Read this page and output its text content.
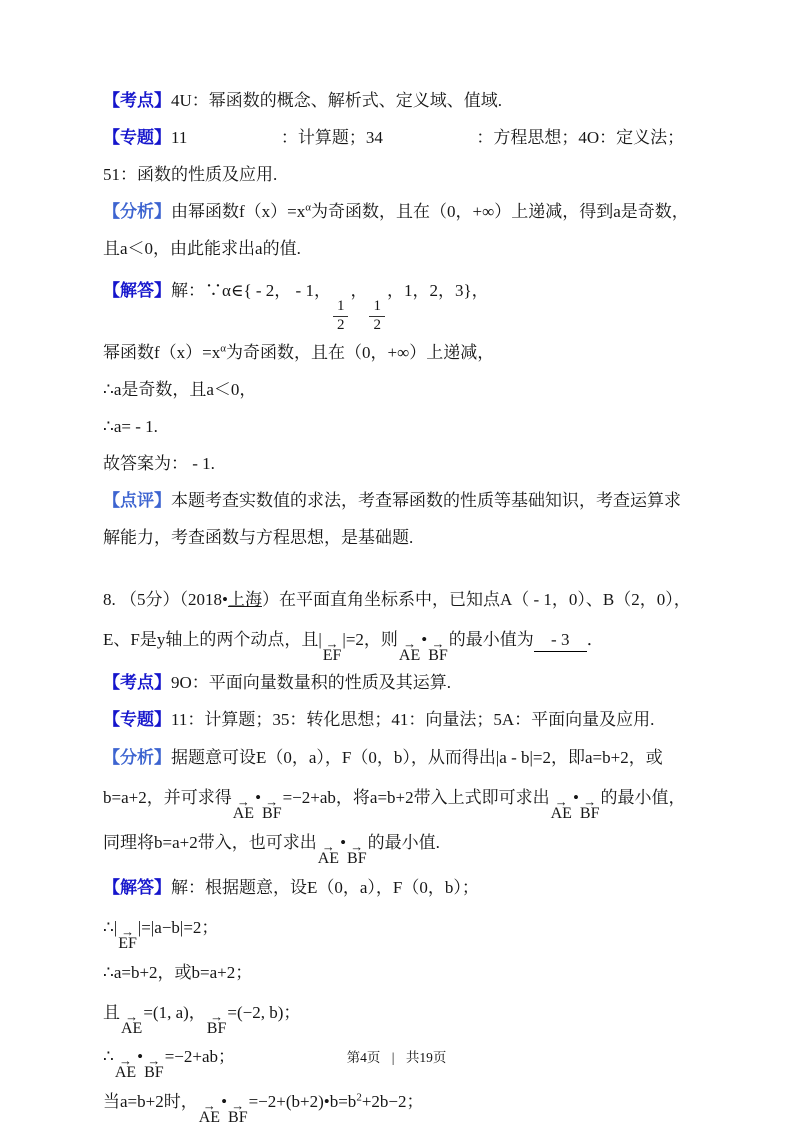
【考点】4U：幂函数的概念、解析式、定义域、值域.
【专题】11                      ：计算题；34                      ：方程思想；4O：定义法；51：函数的性质及应用.
【分析】由幂函数$f(x)=x^\alpha$为奇函数，且在（0，+∞）上递减，得到a是奇数，且a＜0，由此能求出a的值.
【解答】解：∵α∈{ - 2， - 1，
$\frac{1}{2}$
，
$\frac{1}{2}$
，1，2，3}，
幂函数$f(x)=x^\alpha$为奇函数，且在（0，+∞）上递减，
∴a是奇数，且a＜0，
∴a= - 1.
故答案为： - 1.
【点评】本题考查实数值的求法，考查幂函数的性质等基础知识，考查运算求解能力，考查函数与方程思想，是基础题.
8. （5分）（2018•上海）在平面直角坐标系中，已知点A（ - 1，0）、B（2，0），E、F是y轴上的两个动点，且| →
EF
|=2，则 →
AE
• →
BF
的最小值为 - 3 ．
【考点】9O：平面向量数量积的性质及其运算.
【专题】11：计算题；35：转化思想；41：向量法；5A：平面向量及应用.
【分析】据题意可设E（0，a），F（0，b），从而得出|a - b|=2，即a=b+2，或b=a+2，并可求得 →
AE
• →
BF
=−2+ab，将a=b+2带入上式即可求出 →
AE
• →
BF
的最小值，同理将b=a+2带入，也可求出 →
AE
• →
BF
的最小值.
【解答】解：根据题意，设E（0，a），F（0，b）；
∴| →
EF
|=|a−b|=2；
∴a=b+2，或b=a+2；
且 →
AE
=(1, a)， →
BF
=(−2, b)；
∴ →
AE
• →
BF
=−2+ab；
当a=b+2时， →
AE
• →
BF
$=-2+(b+2)•b=b^2+2b-2$；
第4页 | 共19页
